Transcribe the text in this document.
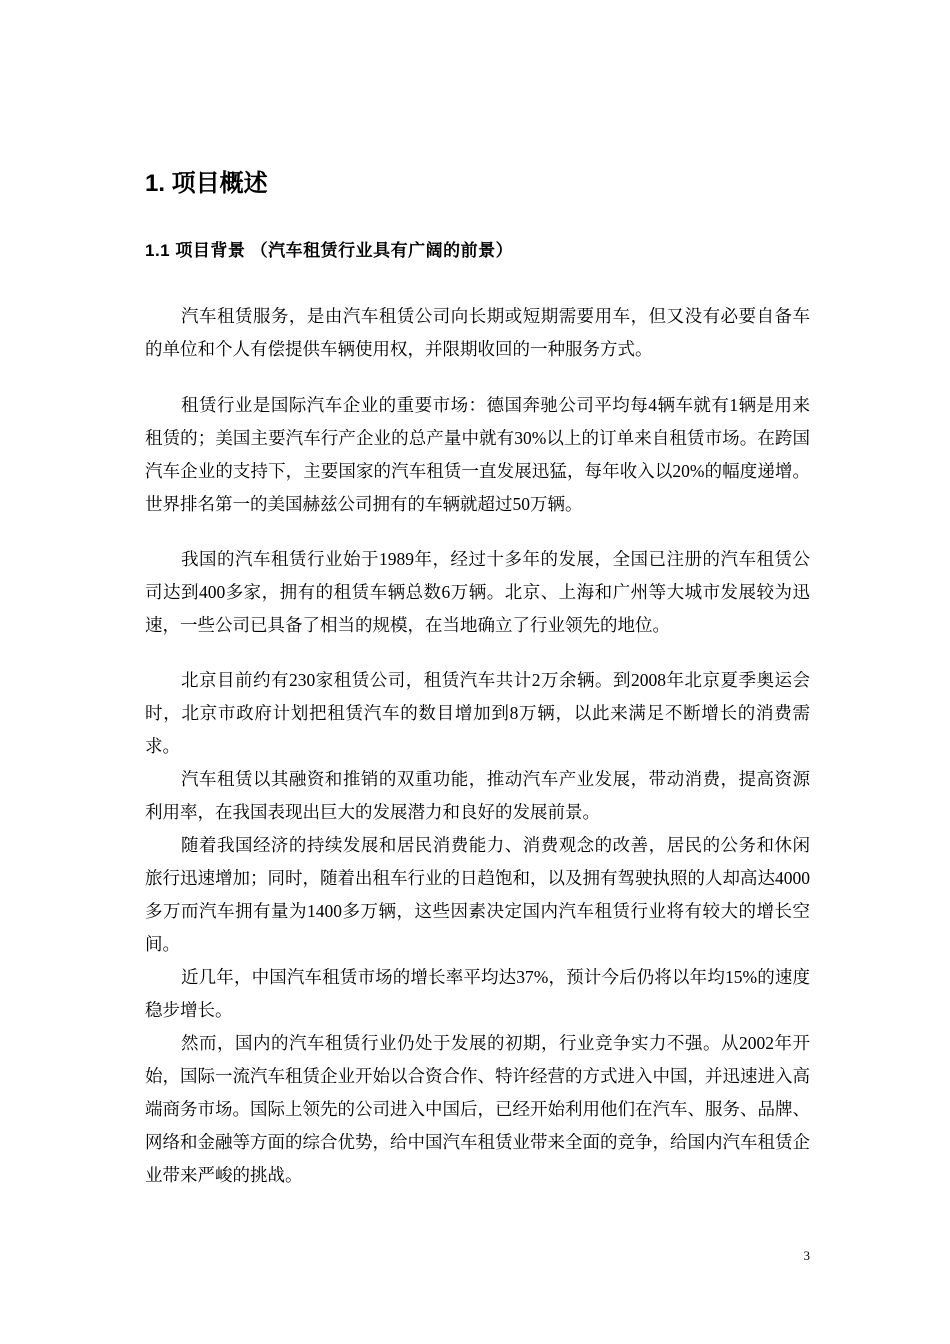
1. 项目概述
1.1 项目背景 （汽车租赁行业具有广阔的前景）

汽车租赁服务，是由汽车租赁公司向长期或短期需要用车，但又没有必要自备车的单位和个人有偿提供车辆使用权，并限期收回的一种服务方式。

租赁行业是国际汽车企业的重要市场：德国奔驰公司平均每4辆车就有1辆是用来租赁的；美国主要汽车行产企业的总产量中就有30%以上的订单来自租赁市场。在跨国汽车企业的支持下，主要国家的汽车租赁一直发展迅猛，每年收入以20%的幅度递增。世界排名第一的美国赫兹公司拥有的车辆就超过50万辆。

我国的汽车租赁行业始于1989年，经过十多年的发展，全国已注册的汽车租赁公司达到400多家，拥有的租赁车辆总数6万辆。北京、上海和广州等大城市发展较为迅速，一些公司已具备了相当的规模，在当地确立了行业领先的地位。

北京目前约有230家租赁公司，租赁汽车共计2万余辆。到2008年北京夏季奥运会时，北京市政府计划把租赁汽车的数目增加到8万辆，以此来满足不断增长的消费需求。

汽车租赁以其融资和推销的双重功能，推动汽车产业发展，带动消费，提高资源利用率，在我国表现出巨大的发展潜力和良好的发展前景。

随着我国经济的持续发展和居民消费能力、消费观念的改善，居民的公务和休闲旅行迅速增加；同时，随着出租车行业的日趋饱和，以及拥有驾驶执照的人却高达4000多万而汽车拥有量为1400多万辆，这些因素决定国内汽车租赁行业将有较大的增长空间。

近几年，中国汽车租赁市场的增长率平均达37%，预计今后仍将以年均15%的速度稳步增长。

然而，国内的汽车租赁行业仍处于发展的初期，行业竞争实力不强。从2002年开始，国际一流汽车租赁企业开始以合资合作、特许经营的方式进入中国，并迅速进入高端商务市场。国际上领先的公司进入中国后，已经开始利用他们在汽车、服务、品牌、网络和金融等方面的综合优势，给中国汽车租赁业带来全面的竞争，给国内汽车租赁企业带来严峻的挑战。

3
